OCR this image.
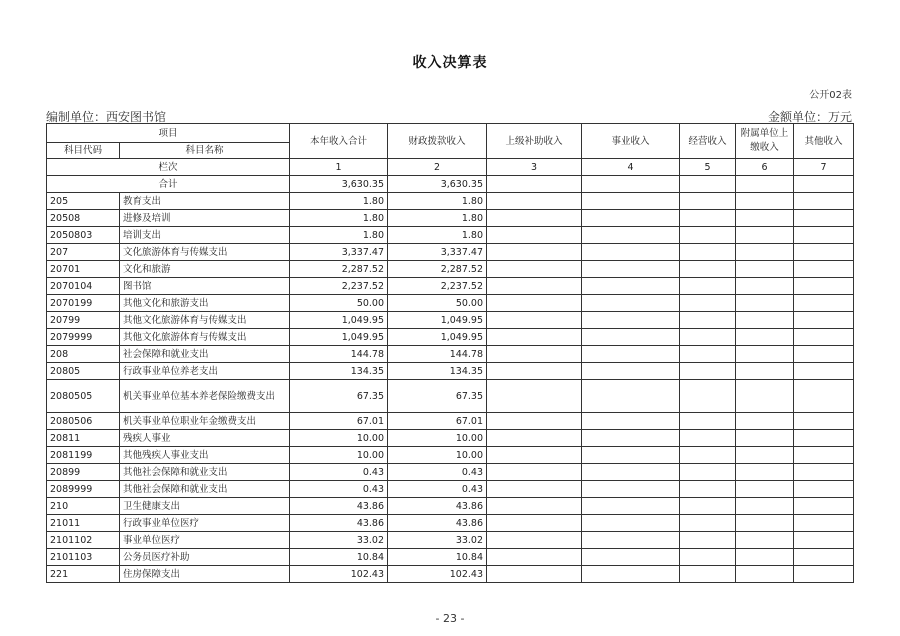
收入决算表
公开02表
编制单位：西安图书馆	金额单位：万元
项目		本年收入合计	财政拨款收入	上级补助收入	事业收入	经营收入	附属单位上缴收入	其他收入
科目代码	科目名称							
栏次		1	2	3	4	5	6	7
合计		3,630.35	3,630.35					
205	教育支出	1.80	1.80					
20508	进修及培训	1.80	1.80					
2050803	培训支出	1.80	1.80					
207	文化旅游体育与传媒支出	3,337.47	3,337.47					
20701	文化和旅游	2,287.52	2,287.52					
2070104	图书馆	2,237.52	2,237.52					
2070199	其他文化和旅游支出	50.00	50.00					
20799	其他文化旅游体育与传媒支出	1,049.95	1,049.95					
2079999	其他文化旅游体育与传媒支出	1,049.95	1,049.95					
208	社会保障和就业支出	144.78	144.78					
20805	行政事业单位养老支出	134.35	134.35					
2080505	机关事业单位基本养老保险缴费支出	67.35	67.35					
2080506	机关事业单位职业年金缴费支出	67.01	67.01					
20811	残疾人事业	10.00	10.00					
2081199	其他残疾人事业支出	10.00	10.00					
20899	其他社会保障和就业支出	0.43	0.43					
2089999	其他社会保障和就业支出	0.43	0.43					
210	卫生健康支出	43.86	43.86					
21011	行政事业单位医疗	43.86	43.86					
2101102	事业单位医疗	33.02	33.02					
2101103	公务员医疗补助	10.84	10.84					
221	住房保障支出	102.43	102.43					
- 23 -
